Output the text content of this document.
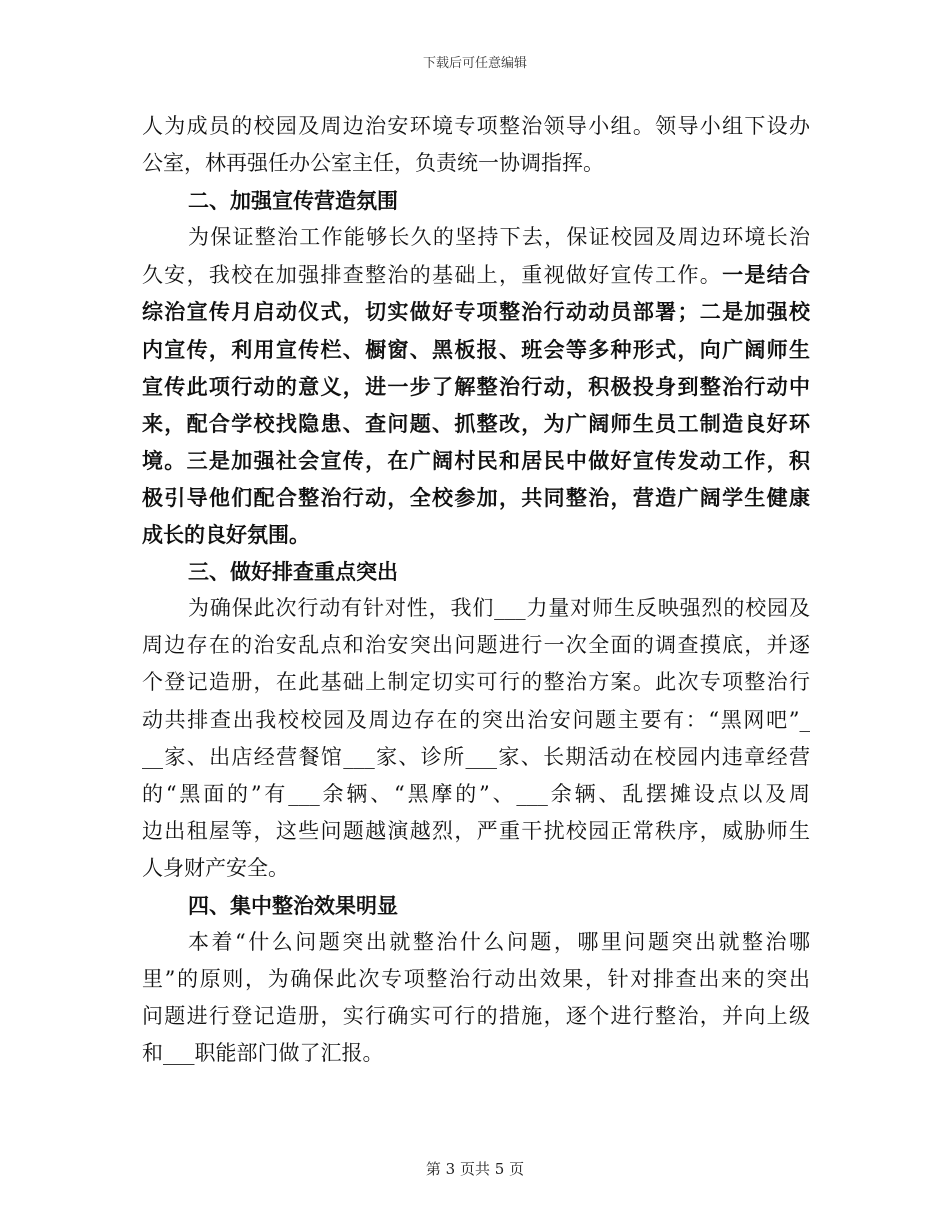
下载后可任意编辑
人为成员的校园及周边治安环境专项整治领导小组。领导小组下设办
公室，林再强任办公室主任，负责统一协调指挥。
二、加强宣传营造氛围
为保证整治工作能够长久的坚持下去，保证校园及周边环境长治
久安，我校在加强排查整治的基础上，重视做好宣传工作。一是结合
综治宣传月启动仪式，切实做好专项整治行动动员部署；二是加强校
内宣传，利用宣传栏、橱窗、黑板报、班会等多种形式，向广阔师生
宣传此项行动的意义，进一步了解整治行动，积极投身到整治行动中
来，配合学校找隐患、查问题、抓整改，为广阔师生员工制造良好环
境。三是加强社会宣传，在广阔村民和居民中做好宣传发动工作，积
极引导他们配合整治行动，全校参加，共同整治，营造广阔学生健康
成长的良好氛围。
三、做好排查重点突出
为确保此次行动有针对性，我们___力量对师生反映强烈的校园及
周边存在的治安乱点和治安突出问题进行一次全面的调查摸底，并逐
个登记造册，在此基础上制定切实可行的整治方案。此次专项整治行
动共排查出我校校园及周边存在的突出治安问题主要有：“黑网吧”_
__家、出店经营餐馆___家、诊所___家、长期活动在校园内违章经营
的“黑面的”有___余辆、“黑摩的”、___余辆、乱摆摊设点以及周
边出租屋等，这些问题越演越烈，严重干扰校园正常秩序，威胁师生
人身财产安全。
四、集中整治效果明显
本着“什么问题突出就整治什么问题，哪里问题突出就整治哪
里”的原则，为确保此次专项整治行动出效果，针对排查出来的突出
问题进行登记造册，实行确实可行的措施，逐个进行整治，并向上级
和___职能部门做了汇报。
第 3 页共 5 页
